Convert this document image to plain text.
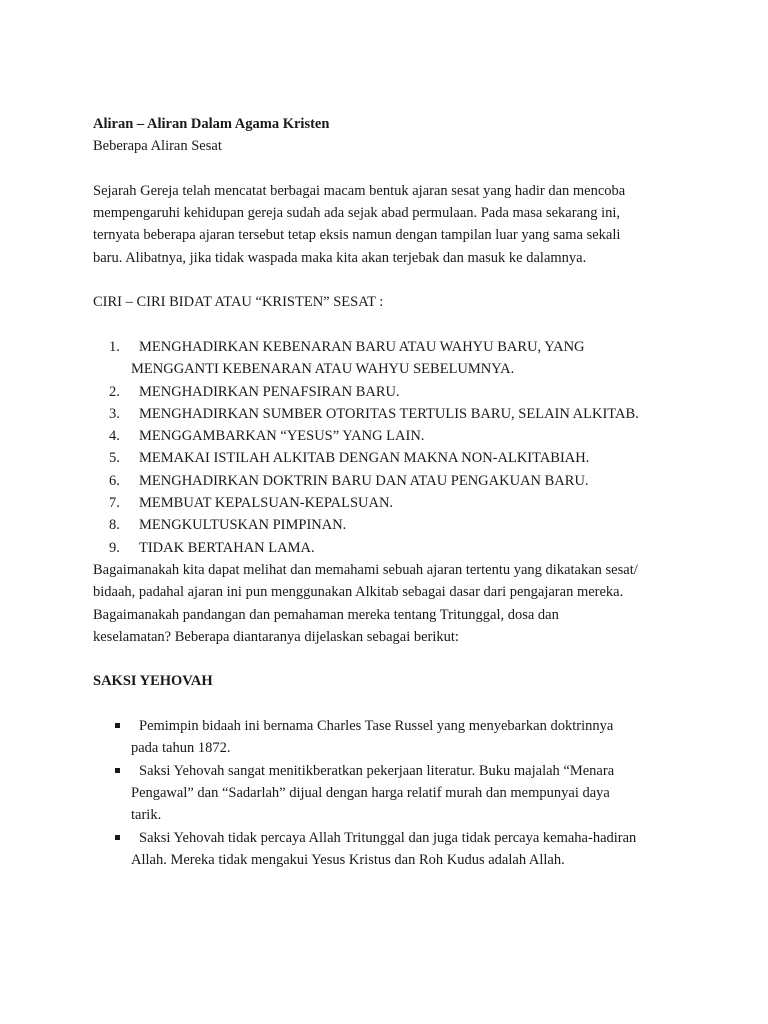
Aliran – Aliran Dalam Agama Kristen
Beberapa Aliran Sesat
Sejarah Gereja telah mencatat berbagai macam bentuk ajaran sesat yang hadir dan mencoba
mempengaruhi kehidupan gereja sudah ada sejak abad permulaan. Pada masa sekarang ini,
ternyata beberapa ajaran tersebut tetap eksis namun dengan tampilan luar yang sama sekali
baru. Alibatnya, jika tidak waspada maka kita akan terjebak dan masuk ke dalamnya.
CIRI – CIRI BIDAT ATAU “KRISTEN” SESAT :
1. MENGHADIRKAN KEBENARAN BARU ATAU WAHYU BARU, YANG
MENGGANTI KEBENARAN ATAU WAHYU SEBELUMNYA.
2. MENGHADIRKAN PENAFSIRAN BARU.
3. MENGHADIRKAN SUMBER OTORITAS TERTULIS BARU, SELAIN ALKITAB.
4. MENGGAMBARKAN “YESUS” YANG LAIN.
5. MEMAKAI ISTILAH ALKITAB DENGAN MAKNA NON-ALKITABIAH.
6. MENGHADIRKAN DOKTRIN BARU DAN ATAU PENGAKUAN BARU.
7. MEMBUAT KEPALSUAN-KEPALSUAN.
8. MENGKULTUSKAN PIMPINAN.
9. TIDAK BERTAHAN LAMA.
Bagaimanakah kita dapat melihat dan memahami sebuah ajaran tertentu yang dikatakan sesat/
bidaah, padahal ajaran ini pun menggunakan Alkitab sebagai dasar dari pengajaran mereka.
Bagaimanakah pandangan dan pemahaman mereka tentang Tritunggal, dosa dan
keselamatan? Beberapa diantaranya dijelaskan sebagai berikut:
SAKSI YEHOVAH
Pemimpin bidaah ini bernama Charles Tase Russel yang menyebarkan doktrinnya
pada tahun 1872.
Saksi Yehovah sangat menitikberatkan pekerjaan literatur. Buku majalah “Menara
Pengawal” dan “Sadarlah” dijual dengan harga relatif murah dan mempunyai daya
tarik.
Saksi Yehovah tidak percaya Allah Tritunggal dan juga tidak percaya kemaha-hadiran
Allah. Mereka tidak mengakui Yesus Kristus dan Roh Kudus adalah Allah.
